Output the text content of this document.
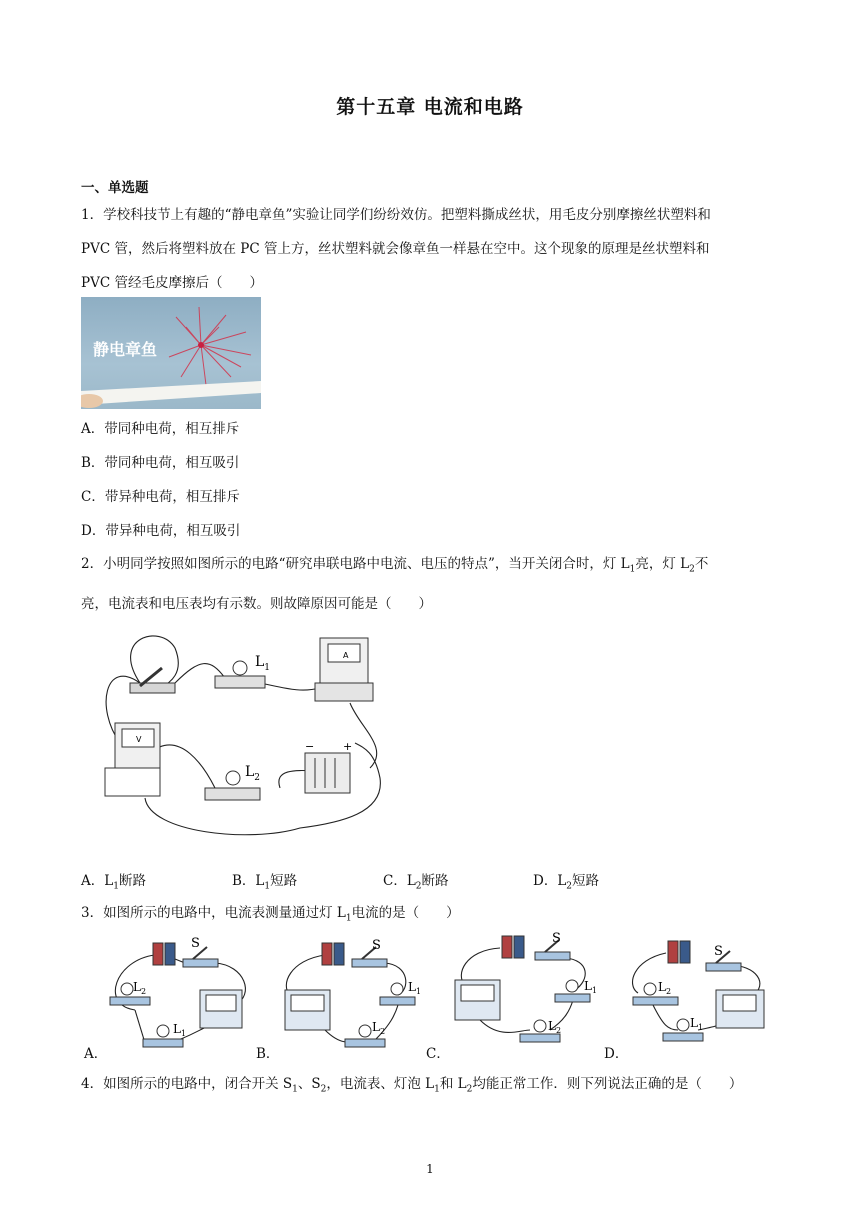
第十五章 电流和电路
一、单选题
1．学校科技节上有趣的“静电章鱼”实验让同学们纷纷效仿。把塑料撕成丝状，用毛皮分别摩擦丝状塑料和
PVC 管，然后将塑料放在 PC 管上方，丝状塑料就会像章鱼一样悬在空中。这个现象的原理是丝状塑料和
PVC 管经毛皮摩擦后（　　）
静电章鱼
A．带同种电荷，相互排斥
B．带同种电荷，相互吸引
C．带异种电荷，相互排斥
D．带异种电荷，相互吸引
2．小明同学按照如图所示的电路“研究串联电路中电流、电压的特点”，当开关闭合时，灯 $L_1$亮，灯 $L_2$不
亮，电流表和电压表均有示数。则故障原因可能是（　　）
$L_1$
A
V
$L_2$
+
−
A．$L_1$断路	B．$L_1$短路	C．$L_2$断路	D．$L_2$短路
3．如图所示的电路中，电流表测量通过灯 $L_1$电流的是（　　）
S
$L_2$
$L_1$
S
$L_1$
$L_2$
S
$L_1$
$L_2$
S
$L_2$
$L_1$
A．	B．	C．	D．
4．如图所示的电路中，闭合开关 $S_1$、$S_2$，电流表、灯泡 $L_1$和 $L_2$均能正常工作．则下列说法正确的是（　　）
1
